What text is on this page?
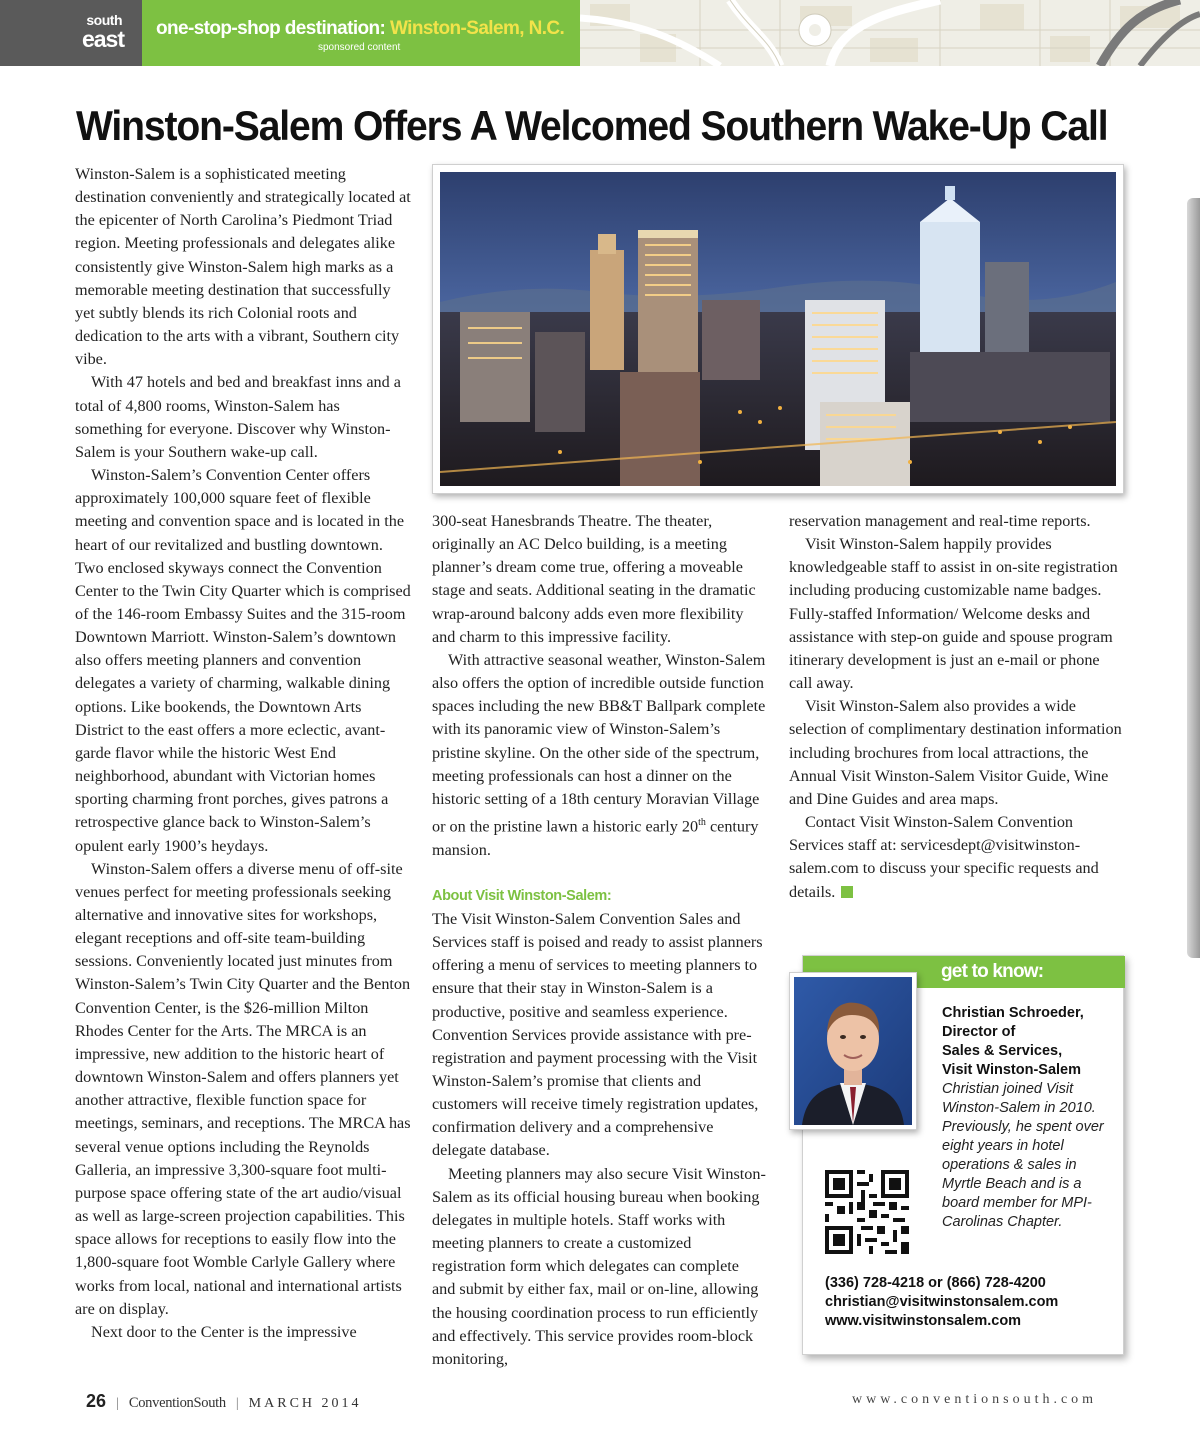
south
east one-stop-shop destination: Winston-Salem, N.C.
sponsored content
Winston-Salem Offers A Welcomed Southern Wake-Up Call

Winston-Salem is a sophisticated meeting destination conveniently and strategically located at the epicenter of North Carolina’s Piedmont Triad region. Meeting professionals and delegates alike consistently give Winston-Salem high marks as a memorable meeting destination that successfully yet subtly blends its rich Colonial roots and dedication to the arts with a vibrant, Southern city vibe.

With 47 hotels and bed and breakfast inns and a total of 4,800 rooms, Winston-Salem has something for everyone. Discover why Winston-Salem is your Southern wake-up call.

Winston-Salem’s Convention Center offers approximately 100,000 square feet of flexible meeting and convention space and is located in the heart of our revitalized and bustling downtown. Two enclosed skyways connect the Convention Center to the Twin City Quarter which is comprised of the 146-room Embassy Suites and the 315-room Downtown Marriott. Winston-Salem’s downtown also offers meeting planners and convention delegates a variety of charming, walkable dining options. Like bookends, the Downtown Arts District to the east offers a more eclectic, avant-garde flavor while the historic West End neighborhood, abundant with Victorian homes sporting charming front porches, gives patrons a retrospective glance back to Winston-Salem’s opulent early 1900’s heydays.

Winston-Salem offers a diverse menu of off-site venues perfect for meeting professionals seeking alternative and innovative sites for workshops, elegant receptions and off-site team-building sessions. Conveniently located just minutes from Winston-Salem’s Twin City Quarter and the Benton Convention Center, is the $26-million Milton Rhodes Center for the Arts. The MRCA is an impressive, new addition to the historic heart of downtown Winston-Salem and offers planners yet another attractive, flexible function space for meetings, seminars, and receptions. The MRCA has several venue options including the Reynolds Galleria, an impressive 3,300-square foot multi-purpose space offering state of the art audio/visual as well as large-screen projection capabilities. This space allows for receptions to easily flow into the 1,800-square foot Womble Carlyle Gallery where works from local, national and international artists are on display.

Next door to the Center is the impressive

300-seat Hanesbrands Theatre. The theater, originally an AC Delco building, is a meeting planner’s dream come true, offering a moveable stage and seats. Additional seating in the dramatic wrap-around balcony adds even more flexibility and charm to this impressive facility.

With attractive seasonal weather, Winston-Salem also offers the option of incredible outside function spaces including the new BB&T Ballpark complete with its panoramic view of Winston-Salem’s pristine skyline. On the other side of the spectrum, meeting professionals can host a dinner on the historic setting of a 18th century Moravian Village or on the pristine lawn a historic early 20th century mansion.

About Visit Winston-Salem:

The Visit Winston-Salem Convention Sales and Services staff is poised and ready to assist planners offering a menu of services to meeting planners to ensure that their stay in Winston-Salem is a productive, positive and seamless experience. Convention Services provide assistance with pre-registration and payment processing with the Visit Winston-Salem’s promise that clients and customers will receive timely registration updates, confirmation delivery and a comprehensive delegate database.

Meeting planners may also secure Visit Winston-Salem as its official housing bureau when booking delegates in multiple hotels. Staff works with meeting planners to create a customized registration form which delegates can complete and submit by either fax, mail or on-line, allowing the housing coordination process to run efficiently and effectively. This service provides room-block monitoring,

reservation management and real-time reports.

Visit Winston-Salem happily provides knowledgeable staff to assist in on-site registration including producing customizable name badges. Fully-staffed Information/ Welcome desks and assistance with step-on guide and spouse program itinerary development is just an e-mail or phone call away.

Visit Winston-Salem also provides a wide selection of complimentary destination information including brochures from local attractions, the Annual Visit Winston-Salem Visitor Guide, Wine and Dine Guides and area maps.

Contact Visit Winston-Salem Convention Services staff at: servicesdept@visitwinston-salem.com to discuss your specific requests and details.

get to know:
Christian Schroeder,
Director of
Sales & Services,
Visit Winston-Salem
Christian joined Visit Winston-Salem in 2010. Previously, he spent over eight years in hotel operations & sales in Myrtle Beach and is a board member for MPI-Carolinas Chapter.
(336) 728-4218 or (866) 728-4200
christian@visitwinstonsalem.com
www.visitwinstonsalem.com
26 | ConventionSouth | MARCH 2014	www.conventionsouth.com
